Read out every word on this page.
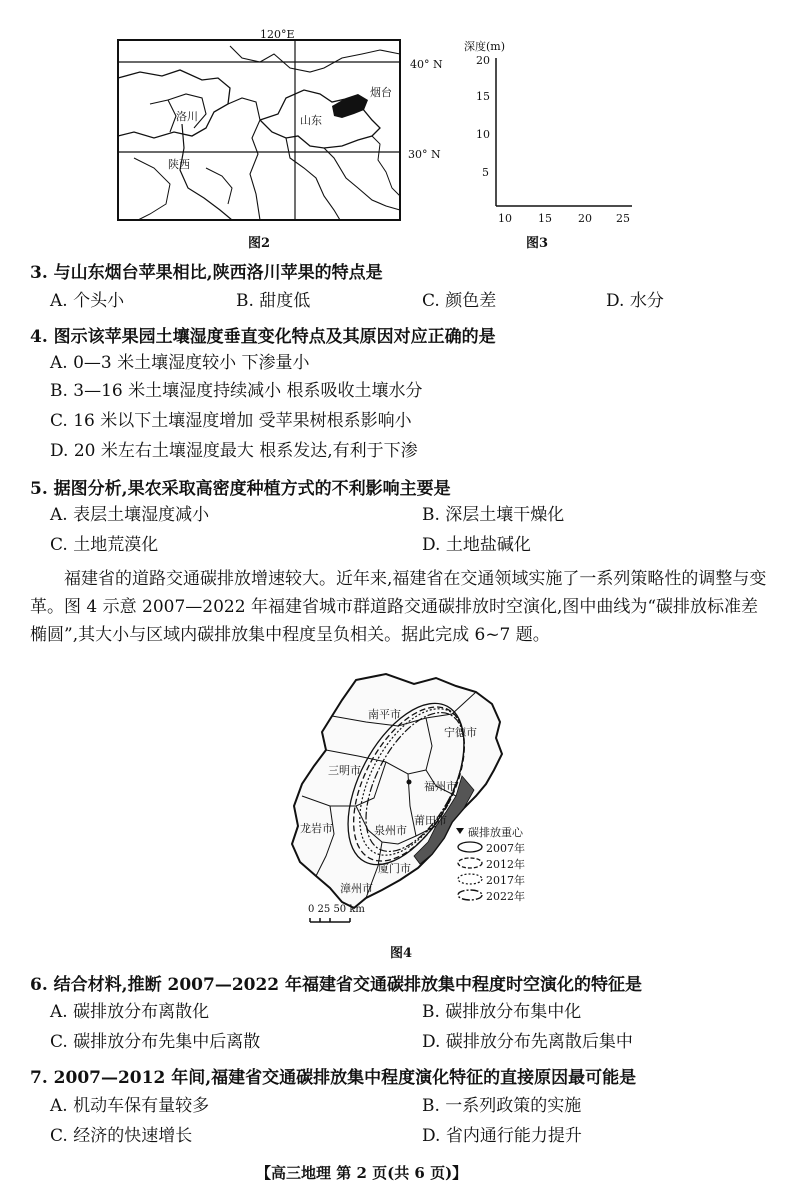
120°E
40° N
30° N
山东
烟台
洛川
陕西
图2
深度(m)
20
15
10
5
10 15 20 25
图3
3. 与山东烟台苹果相比,陕西洛川苹果的特点是
A. 个头小	B. 甜度低	C. 颜色差	D. 水分
4. 图示该苹果园土壤湿度垂直变化特点及其原因对应正确的是
A. 0—3 米土壤湿度较小 下渗量小
B. 3—16 米土壤湿度持续减小 根系吸收土壤水分
C. 16 米以下土壤湿度增加 受苹果树根系影响小
D. 20 米左右土壤湿度最大 根系发达,有利于下渗
5. 据图分析,果农采取高密度种植方式的不利影响主要是
A. 表层土壤湿度减小	B. 深层土壤干燥化
C. 土地荒漠化	D. 土地盐碱化
福建省的道路交通碳排放增速较大。近年来,福建省在交通领域实施了一系列策略性的调整与变革。图 4 示意 2007—2022 年福建省城市群道路交通碳排放时空演化,图中曲线为“碳排放标准差椭圆”,其大小与区域内碳排放集中程度呈负相关。据此完成 6~7 题。
南平市
宁德市
三明市
福州市
莆田市
龙岩市	泉州市
厦门市
漳州市
碳排放重心
2007年
2012年
2017年
2022年
0 25 50 km
图4
6. 结合材料,推断 2007—2022 年福建省交通碳排放集中程度时空演化的特征是
A. 碳排放分布离散化	B. 碳排放分布集中化
C. 碳排放分布先集中后离散	D. 碳排放分布先离散后集中
7. 2007—2012 年间,福建省交通碳排放集中程度演化特征的直接原因最可能是
A. 机动车保有量较多	B. 一系列政策的实施
C. 经济的快速增长	D. 省内通行能力提升
【高三地理 第 2 页(共 6 页)】
